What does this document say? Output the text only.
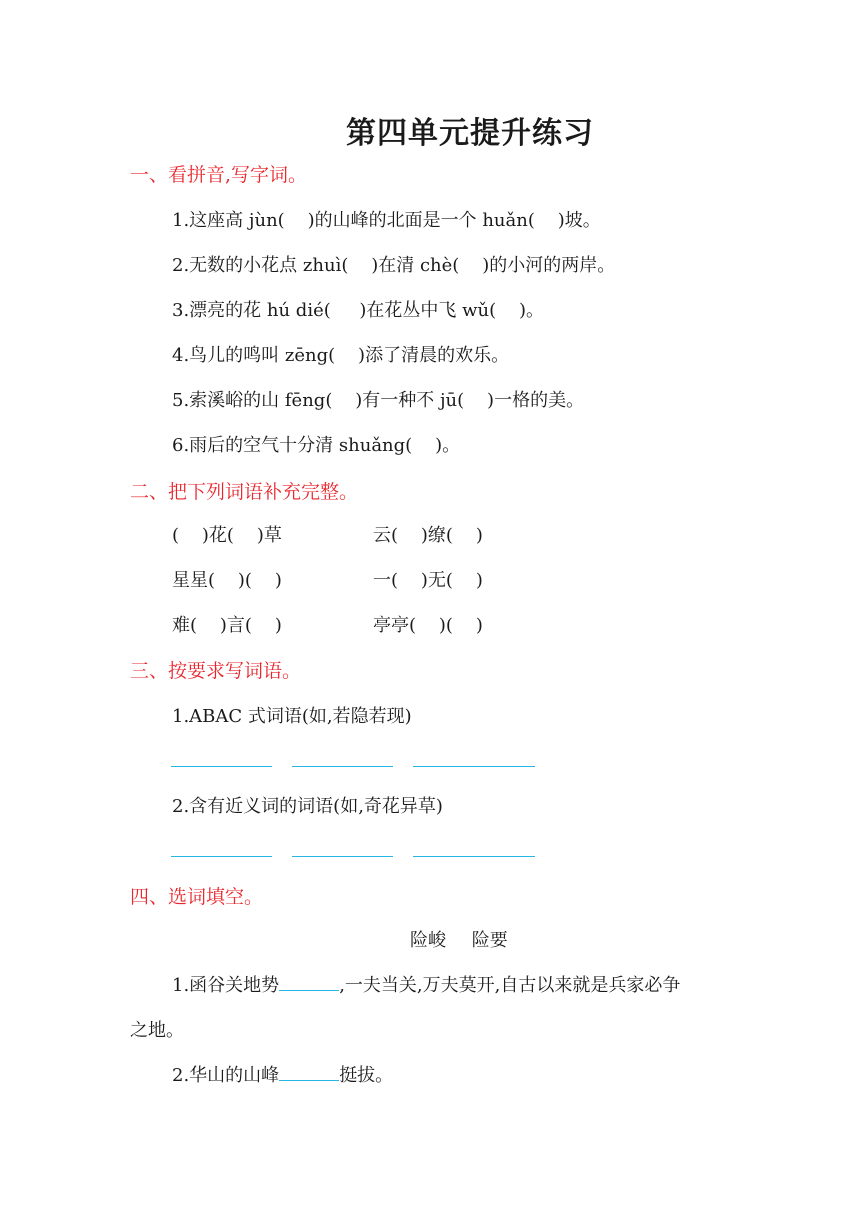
第四单元提升练习
一、看拼音,写字词。
1.这座高 jùn(    )的山峰的北面是一个 huǎn(    )坡。
2.无数的小花点 zhuì(    )在清 chè(    )的小河的两岸。
3.漂亮的花 hú dié(     )在花丛中飞 wǔ(    )。
4.鸟儿的鸣叫 zēng(    )添了清晨的欢乐。
5.索溪峪的山 fēng(    )有一种不 jū(    )一格的美。
6.雨后的空气十分清 shuǎng(    )。
二、把下列词语补充完整。
(    )花(    )草	云(    )缭(    )
星星(    )(    )	一(    )无(    )
难(    )言(    )	亭亭(    )(    )
三、按要求写词语。
1.ABAC 式词语(如,若隐若现)
2.含有近义词的词语(如,奇花异草)
四、选词填空。
险峻 险要
1.函谷关地势	,一夫当关,万夫莫开,自古以来就是兵家必争
之地。
2.华山的山峰	挺拔。
